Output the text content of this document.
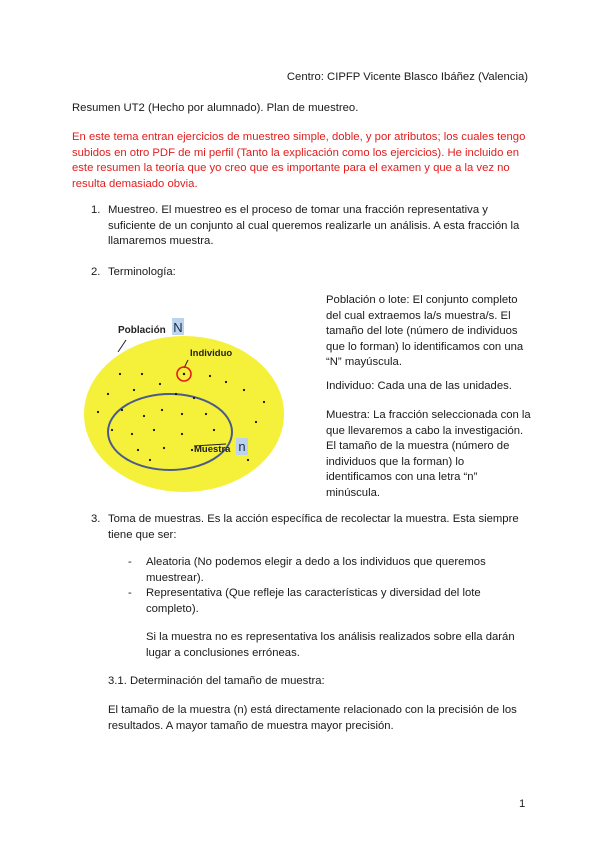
Centro: CIPFP Vicente Blasco Ibáñez (Valencia)
Resumen UT2 (Hecho por alumnado). Plan de muestreo.
En este tema entran ejercicios de muestreo simple, doble, y por atributos; los cuales tengo subidos en otro PDF de mi perfil (Tanto la explicación como los ejercicios). He incluido en este resumen la teoría que yo creo que es importante para el examen y que a la vez no resulta demasiado obvia.
1. Muestreo. El muestreo es el proceso de tomar una fracción representativa y suficiente de un conjunto al cual queremos realizarle un análisis. A esta fracción la llamaremos muestra.
2. Terminología:
Población o lote: El conjunto completo del cual extraemos la/s muestra/s. El tamaño del lote (número de individuos que lo forman) lo identificamos con una “N” mayúscula.
Individuo: Cada una de las unidades.
Muestra: La fracción seleccionada con la que llevaremos a cabo la investigación. El tamaño de la muestra (número de individuos que la forman) lo identificamos con una letra “n” minúscula.
Población N
Individuo
Muestra n
3. Toma de muestras. Es la acción específica de recolectar la muestra. Esta siempre tiene que ser:
- Aleatoria (No podemos elegir a dedo a los individuos que queremos muestrear).
- Representativa (Que refleje las características y diversidad del lote completo).
Si la muestra no es representativa los análisis realizados sobre ella darán lugar a conclusiones erróneas.
3.1. Determinación del tamaño de muestra:
El tamaño de la muestra (n) está directamente relacionado con la precisión de los resultados. A mayor tamaño de muestra mayor precisión.
1
